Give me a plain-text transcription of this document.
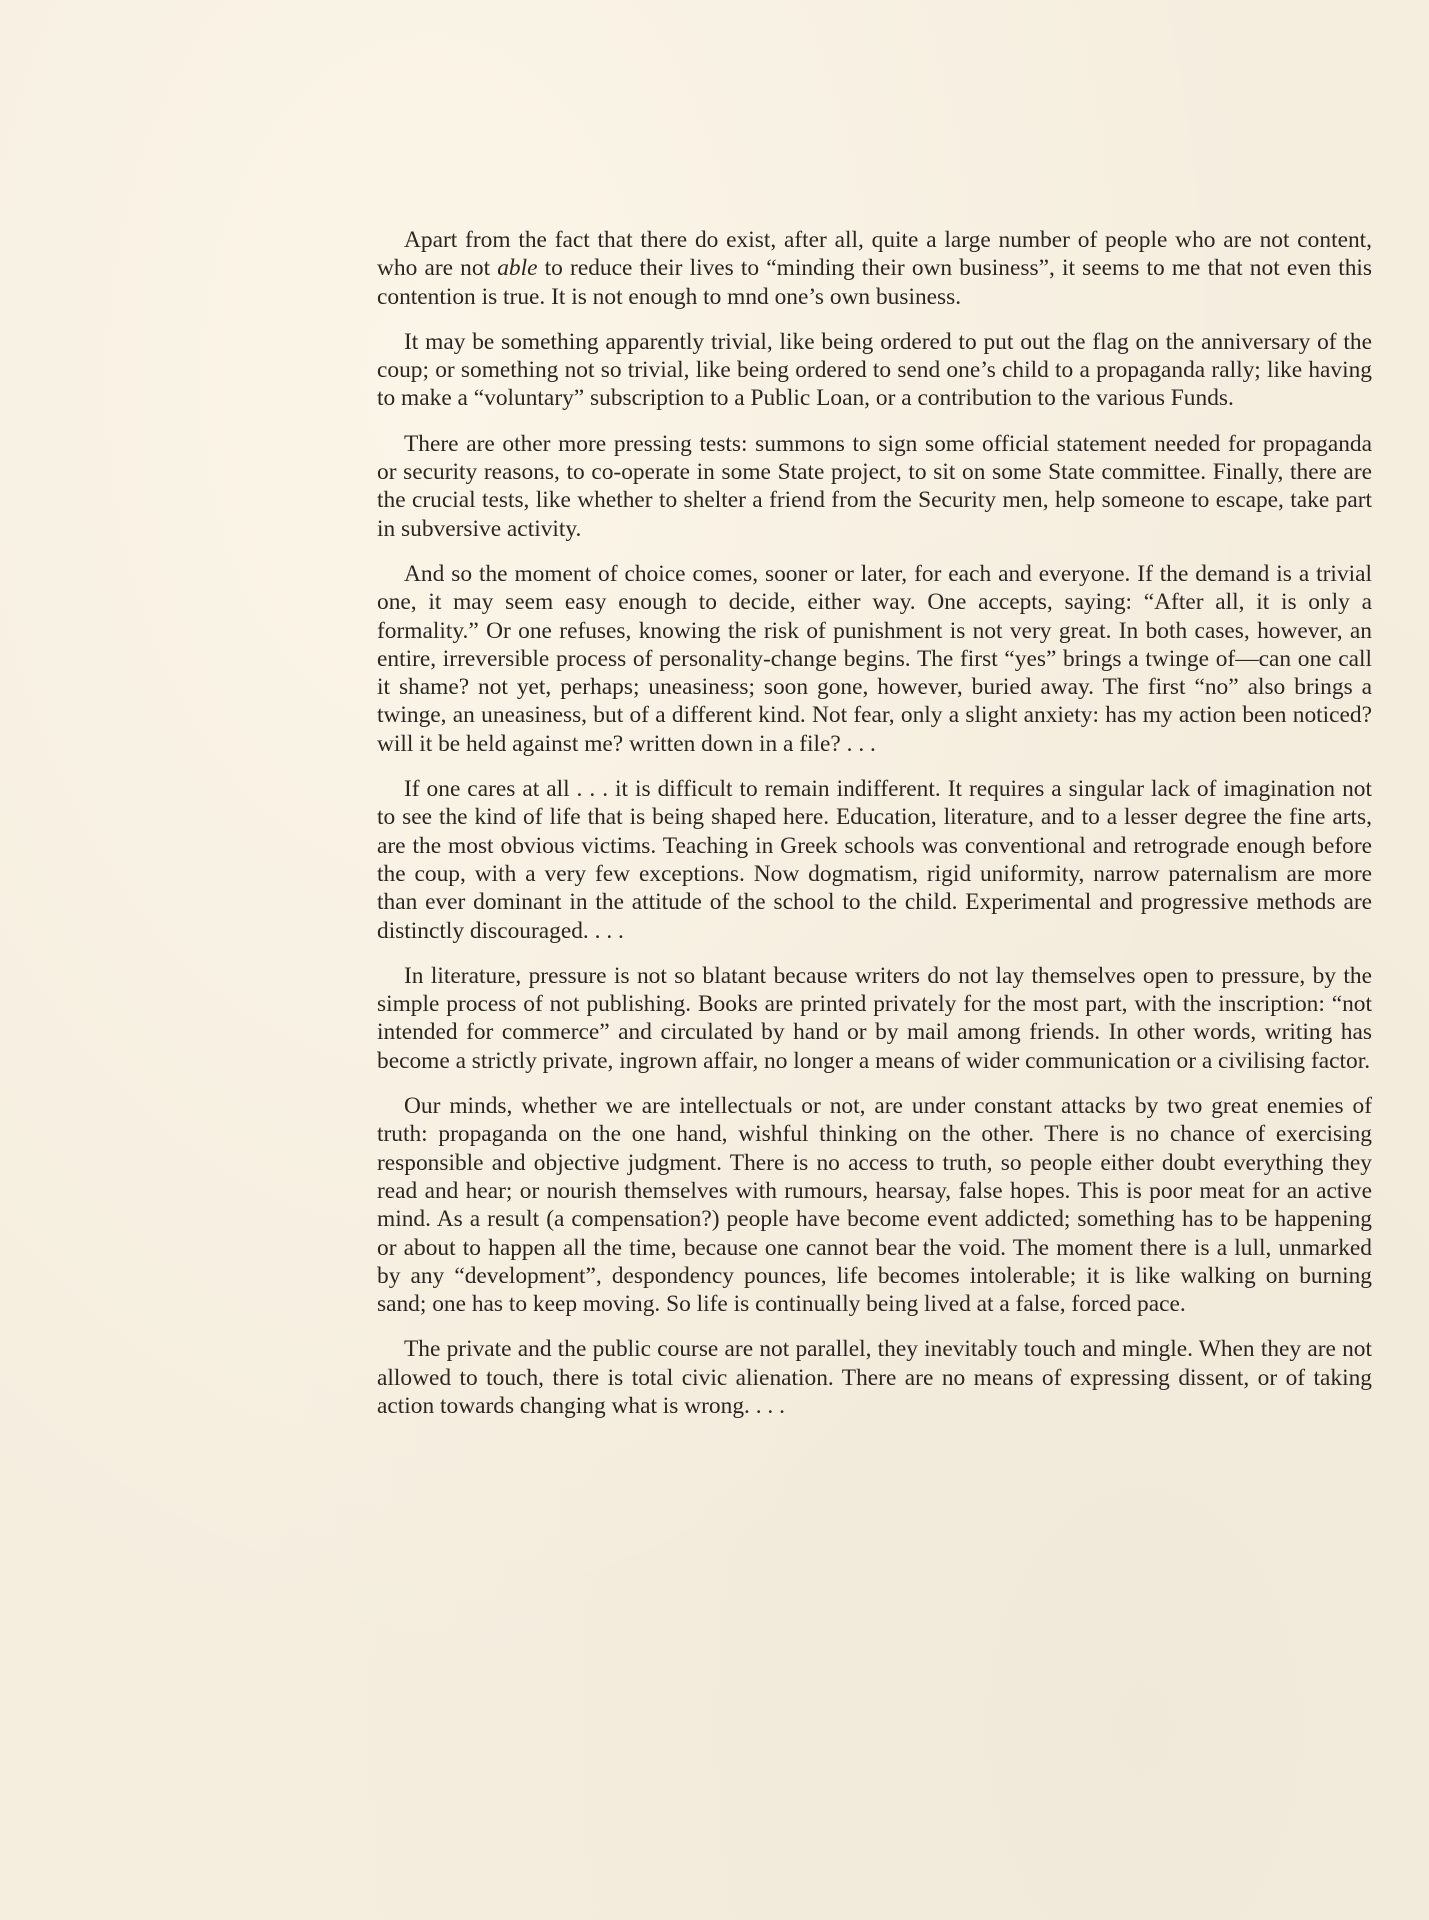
Apart from the fact that there do exist, after all, quite a large number of people who are not content, who are not able to reduce their lives to “minding their own business”, it seems to me that not even this contention is true. It is not enough to mnd one’s own business.

It may be something apparently trivial, like being ordered to put out the flag on the anniversary of the coup; or something not so trivial, like being ordered to send one’s child to a propaganda rally; like having to make a “voluntary” subscription to a Public Loan, or a contribution to the various Funds.

There are other more pressing tests: summons to sign some official statement needed for propaganda or security reasons, to co-operate in some State project, to sit on some State committee. Finally, there are the crucial tests, like whether to shelter a friend from the Security men, help someone to escape, take part in subversive activity.

And so the moment of choice comes, sooner or later, for each and everyone. If the demand is a trivial one, it may seem easy enough to decide, either way. One accepts, saying: “After all, it is only a formality.” Or one refuses, knowing the risk of punishment is not very great. In both cases, however, an entire, irreversible process of personality-change begins. The first “yes” brings a twinge of—can one call it shame? not yet, perhaps; uneasiness; soon gone, however, buried away. The first “no” also brings a twinge, an uneasiness, but of a different kind. Not fear, only a slight anxiety: has my action been noticed? will it be held against me? written down in a file? . . .

If one cares at all . . . it is difficult to remain indifferent. It requires a singular lack of imagination not to see the kind of life that is being shaped here. Education, literature, and to a lesser degree the fine arts, are the most obvious victims. Teaching in Greek schools was conventional and retrograde enough before the coup, with a very few exceptions. Now dogmatism, rigid uniformity, narrow paternalism are more than ever dominant in the attitude of the school to the child. Experimental and progressive methods are distinctly discouraged. . . .

In literature, pressure is not so blatant because writers do not lay themselves open to pressure, by the simple process of not publishing. Books are printed privately for the most part, with the inscription: “not intended for commerce” and circulated by hand or by mail among friends. In other words, writing has become a strictly private, ingrown affair, no longer a means of wider communication or a civilising factor.

Our minds, whether we are intellectuals or not, are under constant attacks by two great enemies of truth: propaganda on the one hand, wishful thinking on the other. There is no chance of exercising responsible and objective judgment. There is no access to truth, so people either doubt everything they read and hear; or nourish themselves with rumours, hearsay, false hopes. This is poor meat for an active mind. As a result (a compensation?) people have become event addicted; something has to be happening or about to happen all the time, because one cannot bear the void. The moment there is a lull, unmarked by any “development”, despondency pounces, life becomes intolerable; it is like walking on burning sand; one has to keep moving. So life is continually being lived at a false, forced pace.

The private and the public course are not parallel, they inevitably touch and mingle. When they are not allowed to touch, there is total civic alienation. There are no means of expressing dissent, or of taking action towards changing what is wrong. . . .
